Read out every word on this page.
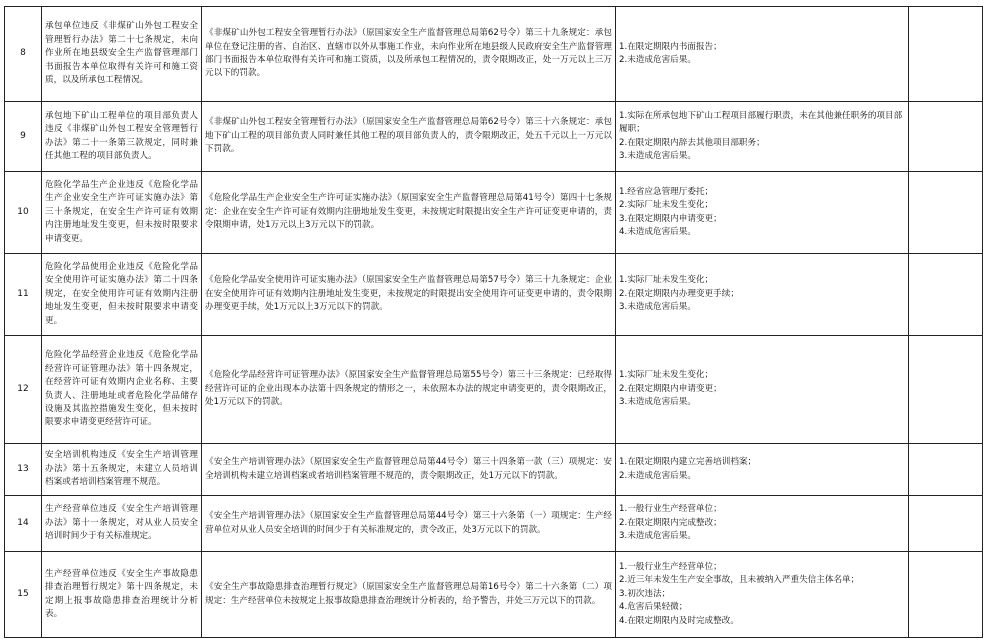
8	承包单位违反《非煤矿山外包工程安全管理暂行办法》第二十七条规定，未向作业所在地县级安全生产监督管理部门书面报告本单位取得有关许可和施工资质，以及所承包工程情况。	《非煤矿山外包工程安全管理暂行办法》（原国家安全生产监督管理总局第62号令）第三十九条规定：承包单位在登记注册的省、自治区、直辖市以外从事施工作业，未向作业所在地县级人民政府安全生产监督管理部门书面报告本单位取得有关许可和施工资质，以及所承包工程情况的，责令限期改正，处一万元以上三万元以下的罚款。	1.在限定期限内书面报告；
2.未造成危害后果。	

9	承包地下矿山工程单位的项目部负责人违反《非煤矿山外包工程安全管理暂行办法》第二十一条第三款规定，同时兼任其他工程的项目部负责人。	《非煤矿山外包工程安全管理暂行办法》（原国家安全生产监督管理总局第62号令）第三十六条规定：承包地下矿山工程的项目部负责人同时兼任其他工程的项目部负责人的，责令限期改正，处五千元以上一万元以下罚款。	1.实际在所承包地下矿山工程项目部履行职责，未在其他兼任职务的项目部履职；
2.在限定期限内辞去其他项目部职务；
3.未造成危害后果。	

10	危险化学品生产企业违反《危险化学品生产企业安全生产许可证实施办法》第三十条规定，在安全生产许可证有效期内注册地址发生变更，但未按时限要求申请变更。	《危险化学品生产企业安全生产许可证实施办法》（原国家安全生产监督管理总局第41号令）第四十七条规定：企业在安全生产许可证有效期内注册地址发生变更，未按规定时限提出安全生产许可证变更申请的，责令限期申请，处1万元以上3万元以下的罚款。	1.经省应急管理厅委托；
2.实际厂址未发生变化；
3.在限定期限内申请变更；
4.未造成危害后果。	

11	危险化学品使用企业违反《危险化学品安全使用许可证实施办法》第二十四条规定，在安全使用许可证有效期内注册地址发生变更，但未按时限要求申请变更。	《危险化学品安全使用许可证实施办法》（原国家安全生产监督管理总局第57号令）第三十九条规定：企业在安全使用许可证有效期内注册地址发生变更，未按规定的时限提出安全使用许可证变更申请的，责令限期办理变更手续，处1万元以上3万元以下的罚款。	1.实际厂址未发生变化；
2.在限定期限内办理变更手续；
3.未造成危害后果。	

12	危险化学品经营企业违反《危险化学品经营许可证管理办法》第十四条规定，在经营许可证有效期内企业名称、主要负责人、注册地址或者危险化学品储存设施及其监控措施发生变化，但未按时限要求申请变更经营许可证。	《危险化学品经营许可证管理办法》（原国家安全生产监督管理总局第55号令）第三十三条规定：已经取得经营许可证的企业出现本办法第十四条规定的情形之一，未依照本办法的规定申请变更的，责令限期改正，处1万元以下的罚款。	1.实际厂址未发生变化；
2.在限定期限内申请变更；
3.未造成危害后果。	

13	安全培训机构违反《安全生产培训管理办法》第十五条规定，未建立人员培训档案或者培训档案管理不规范。	《安全生产培训管理办法》（原国家安全生产监督管理总局第44号令）第三十四条第一款（三）项规定：安全培训机构未建立培训档案或者培训档案管理不规范的，责令限期改正，处1万元以下的罚款。	1.在限定期限内建立完善培训档案；
2.未造成危害后果。	

14	生产经营单位违反《安全生产培训管理办法》第十一条规定，对从业人员安全培训时间少于有关标准规定。	《安全生产培训管理办法》（原国家安全生产监督管理总局第44号令）第三十六条第（一）项规定：生产经营单位对从业人员安全培训的时间少于有关标准规定的，责令改正，处3万元以下的罚款。	1.一般行业生产经营单位；
2.在限定期限内完成整改；
3.未造成危害后果。	

15	生产经营单位违反《安全生产事故隐患排查治理暂行规定》第十四条规定，未定期上报事故隐患排查治理统计分析表。	《安全生产事故隐患排查治理暂行规定》（原国家安全生产监督管理总局第16号令）第二十六条第（二）项规定：生产经营单位未按规定上报事故隐患排查治理统计分析表的，给予警告，并处三万元以下的罚款。	1.一般行业生产经营单位；
2.近三年未发生生产安全事故，且未被纳入严重失信主体名单；
3.初次违法；
4.危害后果轻微；
4.在限定期限内及时完成整改。	
